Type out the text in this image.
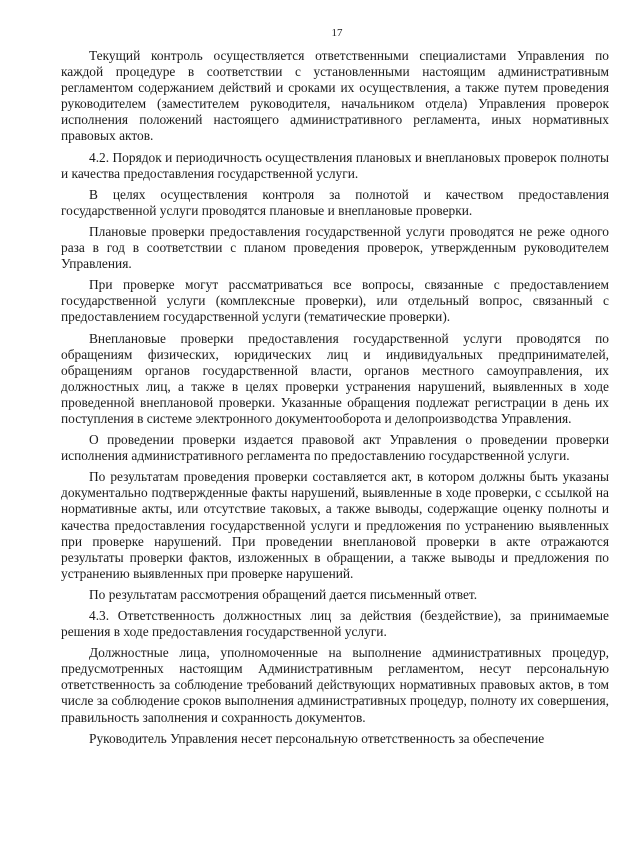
17

Текущий контроль осуществляется ответственными специалистами Управления по каждой процедуре в соответствии с установленными настоящим административным регламентом содержанием действий и сроками их осуществления, а также путем проведения руководителем (заместителем руководителя, начальником отдела) Управления проверок исполнения положений настоящего административного регламента, иных нормативных правовых актов.

4.2. Порядок и периодичность осуществления плановых и внеплановых проверок полноты и качества предоставления государственной услуги.

В целях осуществления контроля за полнотой и качеством предоставления государственной услуги проводятся плановые и внеплановые проверки.

Плановые проверки предоставления государственной услуги проводятся не реже одного раза в год в соответствии с планом проведения проверок, утвержденным руководителем Управления.

При проверке могут рассматриваться все вопросы, связанные с предоставлением государственной услуги (комплексные проверки), или отдельный вопрос, связанный с предоставлением государственной услуги (тематические проверки).

Внеплановые проверки предоставления государственной услуги проводятся по обращениям физических, юридических лиц и индивидуальных предпринимателей, обращениям органов государственной власти, органов местного самоуправления, их должностных лиц, а также в целях проверки устранения нарушений, выявленных в ходе проведенной внеплановой проверки. Указанные обращения подлежат регистрации в день их поступления в системе электронного документооборота и делопроизводства Управления.

О проведении проверки издается правовой акт Управления о проведении проверки исполнения административного регламента по предоставлению государственной услуги.

По результатам проведения проверки составляется акт, в котором должны быть указаны документально подтвержденные факты нарушений, выявленные в ходе проверки, с ссылкой на нормативные акты, или отсутствие таковых, а также выводы, содержащие оценку полноты и качества предоставления государственной услуги и предложения по устранению выявленных при проверке нарушений. При проведении внеплановой проверки в акте отражаются результаты проверки фактов, изложенных в обращении, а также выводы и предложения по устранению выявленных при проверке нарушений.

По результатам рассмотрения обращений дается письменный ответ.

4.3. Ответственность должностных лиц за действия (бездействие), за принимаемые решения в ходе предоставления государственной услуги.

Должностные лица, уполномоченные на выполнение административных процедур, предусмотренных настоящим Административным регламентом, несут персональную ответственность за соблюдение требований действующих нормативных правовых актов, в том числе за соблюдение сроков выполнения административных процедур, полноту их совершения, правильность заполнения и сохранность документов.

Руководитель Управления несет персональную ответственность за обеспечение
